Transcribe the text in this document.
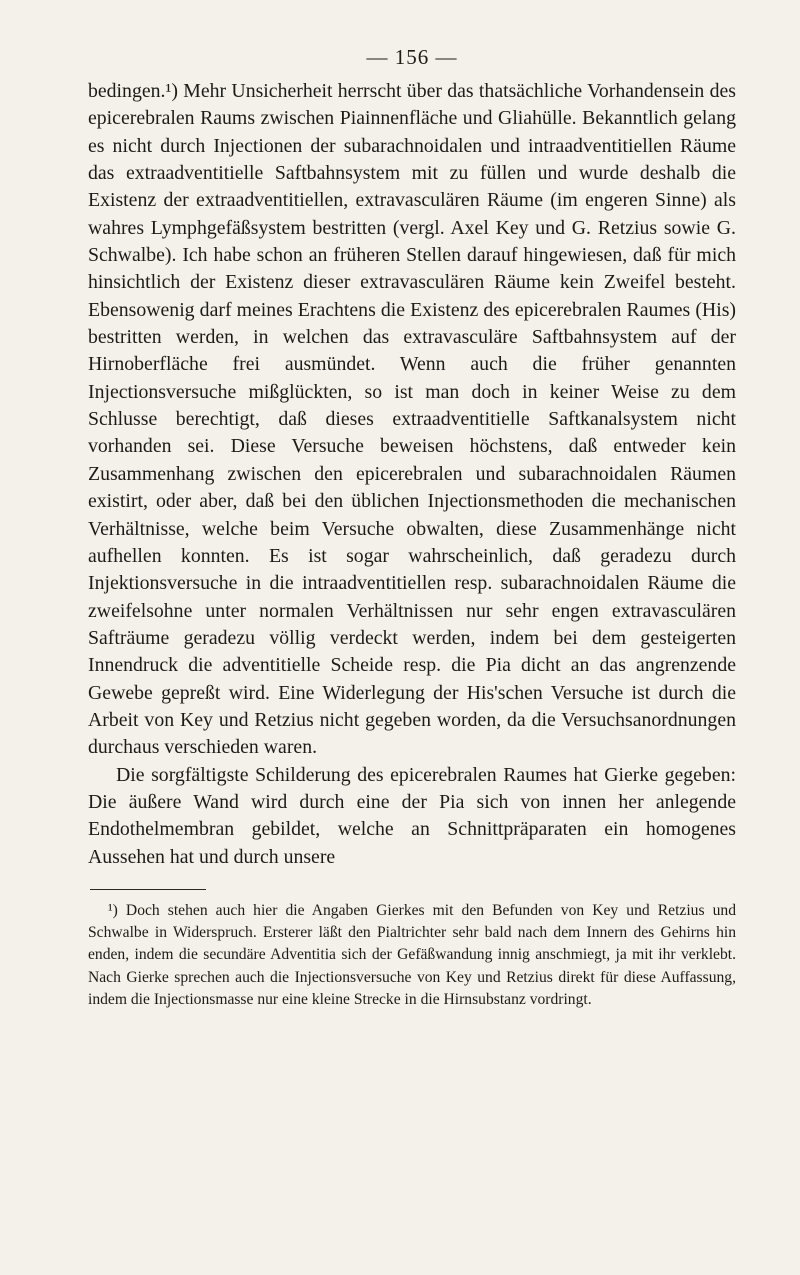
— 156 —

bedingen.¹) Mehr Unsicherheit herrscht über das thatsächliche Vorhandensein des epicerebralen Raums zwischen Piainnenfläche und Gliahülle. Bekanntlich gelang es nicht durch Injectionen der subarachnoidalen und intraadventitiellen Räume das extraadventitielle Saftbahnsystem mit zu füllen und wurde deshalb die Existenz der extraadventitiellen, extravasculären Räume (im engeren Sinne) als wahres Lymphgefäßsystem bestritten (vergl. Axel Key und G. Retzius sowie G. Schwalbe). Ich habe schon an früheren Stellen darauf hingewiesen, daß für mich hinsichtlich der Existenz dieser extravasculären Räume kein Zweifel besteht. Ebensowenig darf meines Erachtens die Existenz des epicerebralen Raumes (His) bestritten werden, in welchen das extravasculäre Saftbahnsystem auf der Hirnoberfläche frei ausmündet. Wenn auch die früher genannten Injectionsversuche mißglückten, so ist man doch in keiner Weise zu dem Schlusse berechtigt, daß dieses extraadventitielle Saftkanalsystem nicht vorhanden sei. Diese Versuche beweisen höchstens, daß entweder kein Zusammenhang zwischen den epicerebralen und subarachnoidalen Räumen existirt, oder aber, daß bei den üblichen Injectionsmethoden die mechanischen Verhältnisse, welche beim Versuche obwalten, diese Zusammenhänge nicht aufhellen konnten. Es ist sogar wahrscheinlich, daß geradezu durch Injektionsversuche in die intraadventitiellen resp. subarachnoidalen Räume die zweifelsohne unter normalen Verhältnissen nur sehr engen extravasculären Safträume geradezu völlig verdeckt werden, indem bei dem gesteigerten Innendruck die adventitielle Scheide resp. die Pia dicht an das angrenzende Gewebe gepreßt wird. Eine Widerlegung der His'schen Versuche ist durch die Arbeit von Key und Retzius nicht gegeben worden, da die Versuchsanordnungen durchaus verschieden waren.

Die sorgfältigste Schilderung des epicerebralen Raumes hat Gierke gegeben: Die äußere Wand wird durch eine der Pia sich von innen her anlegende Endothelmembran gebildet, welche an Schnittpräparaten ein homogenes Aussehen hat und durch unsere

¹) Doch stehen auch hier die Angaben Gierkes mit den Befunden von Key und Retzius und Schwalbe in Widerspruch. Ersterer läßt den Pialtrichter sehr bald nach dem Innern des Gehirns hin enden, indem die secundäre Adventitia sich der Gefäßwandung innig anschmiegt, ja mit ihr verklebt. Nach Gierke sprechen auch die Injectionsversuche von Key und Retzius direkt für diese Auffassung, indem die Injectionsmasse nur eine kleine Strecke in die Hirnsubstanz vordringt.
